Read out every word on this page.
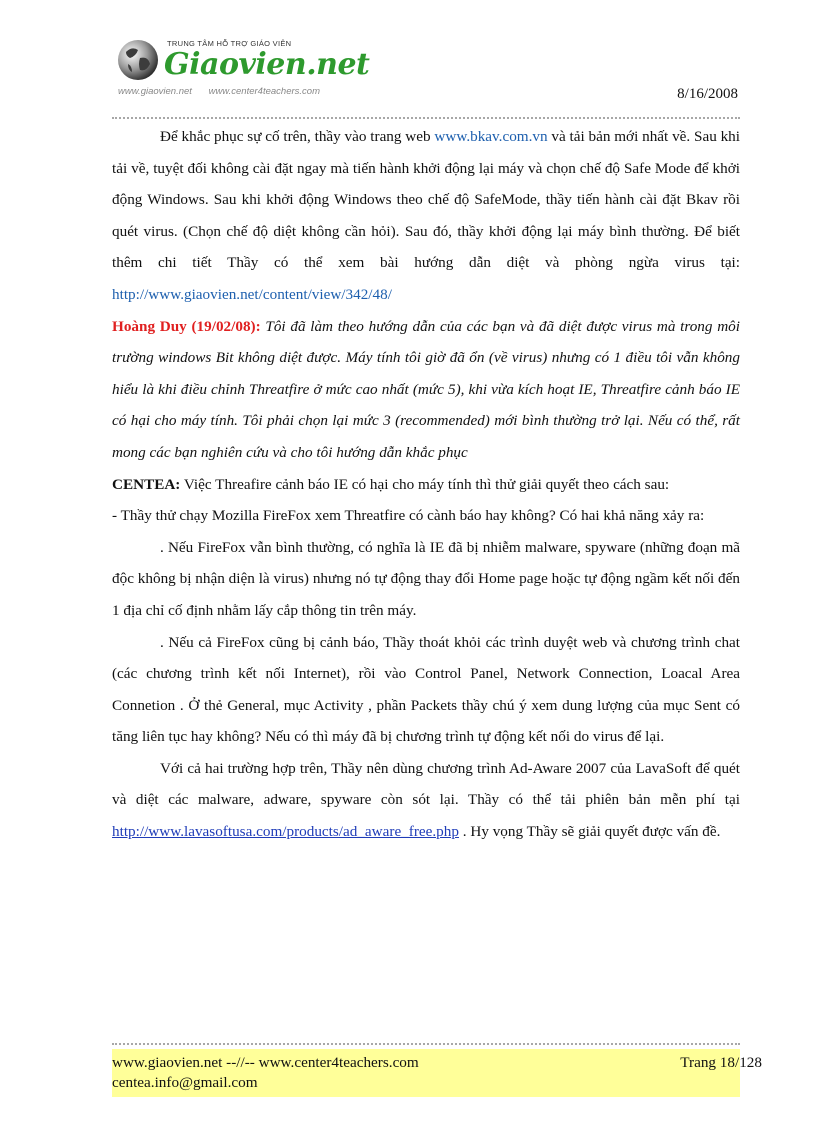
TRUNG TÂM HỖ TRỢ GIÁO VIÊN
Giaovien.net
www.giaovien.net www.center4teachers.com	8/16/2008

Để khắc phục sự cố trên, thầy vào trang web www.bkav.com.vn và tải bản mới nhất về. Sau khi tải về, tuyệt đối không cài đặt ngay mà tiến hành khởi động lại máy và chọn chế độ Safe Mode để khởi động Windows. Sau khi khởi động Windows theo chế độ SafeMode, thầy tiến hành cài đặt Bkav rồi quét virus. (Chọn chế độ diệt không cần hỏi). Sau đó, thầy khởi động lại máy bình thường. Để biết thêm chi tiết Thầy có thể xem bài hướng dẫn diệt và phòng ngừa virus tại: http://www.giaovien.net/content/view/342/48/

Hoàng Duy (19/02/08): Tôi đã làm theo hướng dẫn của các bạn và đã diệt được virus mà trong môi trường windows Bit không diệt được. Máy tính tôi giờ đã ổn (về virus) nhưng có 1 điều tôi vẫn không hiểu là khi điều chỉnh Threatfire ở mức cao nhất (mức 5), khi vừa kích hoạt IE, Threatfire cảnh báo IE có hại cho máy tính. Tôi phải chọn lại mức 3 (recommended) mới bình thường trở lại. Nếu có thể, rất mong các bạn nghiên cứu và cho tôi hướng dẫn khắc phục

CENTEA: Việc Threafire cảnh báo IE có hại cho máy tính thì thử giải quyết theo cách sau:

- Thầy thử chạy Mozilla FireFox xem Threatfire có cành báo hay không? Có hai khả năng xảy ra:

. Nếu FireFox vẫn bình thường, có nghĩa là IE đã bị nhiễm malware, spyware (những đoạn mã độc không bị nhận diện là virus) nhưng nó tự động thay đổi Home page hoặc tự động ngầm kết nối đến 1 địa chỉ cố định nhằm lấy cắp thông tin trên máy.

. Nếu cả FireFox cũng bị cảnh báo, Thầy thoát khỏi các trình duyệt web và chương trình chat (các chương trình kết nối Internet), rồi vào Control Panel, Network Connection, Loacal Area Connetion . Ở thẻ General, mục Activity , phần Packets thầy chú ý xem dung lượng của mục Sent có tăng liên tục hay không? Nếu có thì máy đã bị chương trình tự động kết nối do virus để lại.

Với cả hai trường hợp trên, Thầy nên dùng chương trình Ad-Aware 2007 của LavaSoft để quét và diệt các malware, adware, spyware còn sót lại. Thầy có thể tải phiên bản mễn phí tại http://www.lavasoftusa.com/products/ad_aware_free.php . Hy vọng Thầy sẽ giải quyết được vấn đề.

www.giaovien.net --//-- www.center4teachers.com
centea.info@gmail.com
Trang 18/128
